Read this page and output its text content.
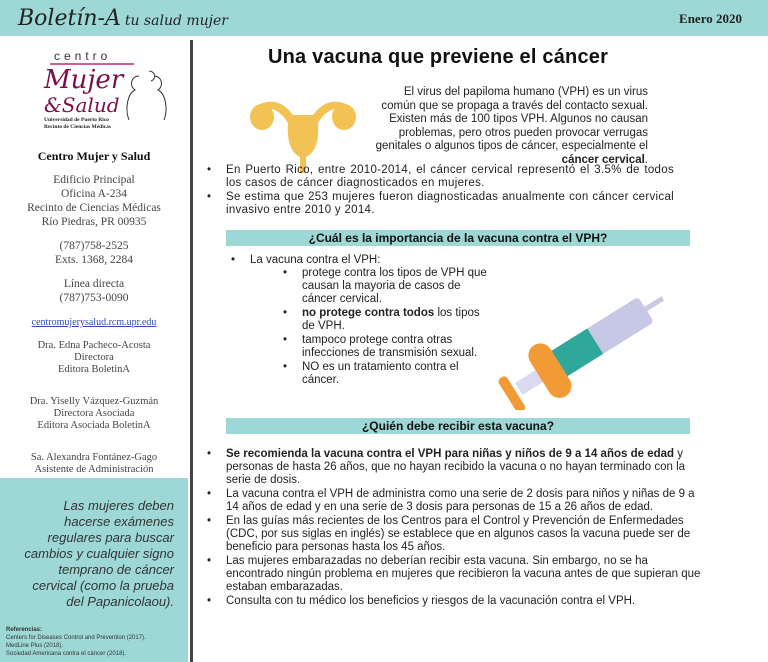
Boletín-A tu salud mujer	Enero 2020
centro
Mujer
&Salud
Universidad de Puerto Rico
Recinto de Ciencias Médicas
Centro Mujer y Salud

Edificio Principal
Oficina A-234
Recinto de Ciencias Médicas
Río Piedras, PR 00935

(787)758-2525
Exts. 1368, 2284

Línea directa
(787)753-0090

centromujerysalud.rcm.upr.edu

Dra. Edna Pacheco-Acosta
Directora
Editora BoletinA

Dra. Yiselly Vázquez-Guzmán
Directora Asociada
Editora Asociada BoletinA

Sa. Alexandra Fontánez-Gago
Asistente de Administración

Las mujeres deben hacerse exámenes regulares para buscar cambios y cualquier signo temprano de cáncer cervical (como la prueba del Papanicolaou).
Referencias:
Centers for Diseases Control and Prevention (2017).
MedLine Plus (2018).
Sociedad Americana contra el cáncer (2018).
Una vacuna que previene el cáncer
El virus del papiloma humano (VPH) es un virus común que se propaga a través del contacto sexual. Existen más de 100 tipos VPH. Algunos no causan problemas, pero otros pueden provocar verrugas genitales o algunos tipos de cáncer, especialmente el cáncer cervical.
• En Puerto Rico, entre 2010-2014, el cáncer cervical representó el 3.5% de todos los casos de cáncer diagnosticados en mujeres.
• Se estima que 253 mujeres fueron diagnosticadas anualmente con cáncer cervical invasivo entre 2010 y 2014.
¿Cuál es la importancia de la vacuna contra el VPH?
• La vacuna contra el VPH:
• protege contra los tipos de VPH que causan la mayoria de casos de cáncer cervical.
• no protege contra todos los tipos de VPH.
• tampoco protege contra otras infecciones de transmisión sexual.
• NO es un tratamiento contra el cáncer.
¿Quién debe recibir esta vacuna?
• Se recomienda la vacuna contra el VPH para niñas y niños de 9 a 14 años de edad y personas de hasta 26 años, que no hayan recibido la vacuna o no hayan terminado con la serie de dosis.
• La vacuna contra el VPH de administra como una serie de 2 dosis para niños y niñas de 9 a 14 años de edad y en una serie de 3 dosis para personas de 15 a 26 años de edad.
• En las guías más recientes de los Centros para el Control y Prevención de Enfermedades (CDC, por sus siglas en inglés) se establece que en algunos casos la vacuna puede ser de beneficio para personas hasta los 45 años.
• Las mujeres embarazadas no deberían recibir esta vacuna. Sin embargo, no se ha encontrado ningún problema en mujeres que recibieron la vacuna antes de que supieran que estaban embarazadas.
• Consulta con tu médico los beneficios y riesgos de la vacunación contra el VPH.
